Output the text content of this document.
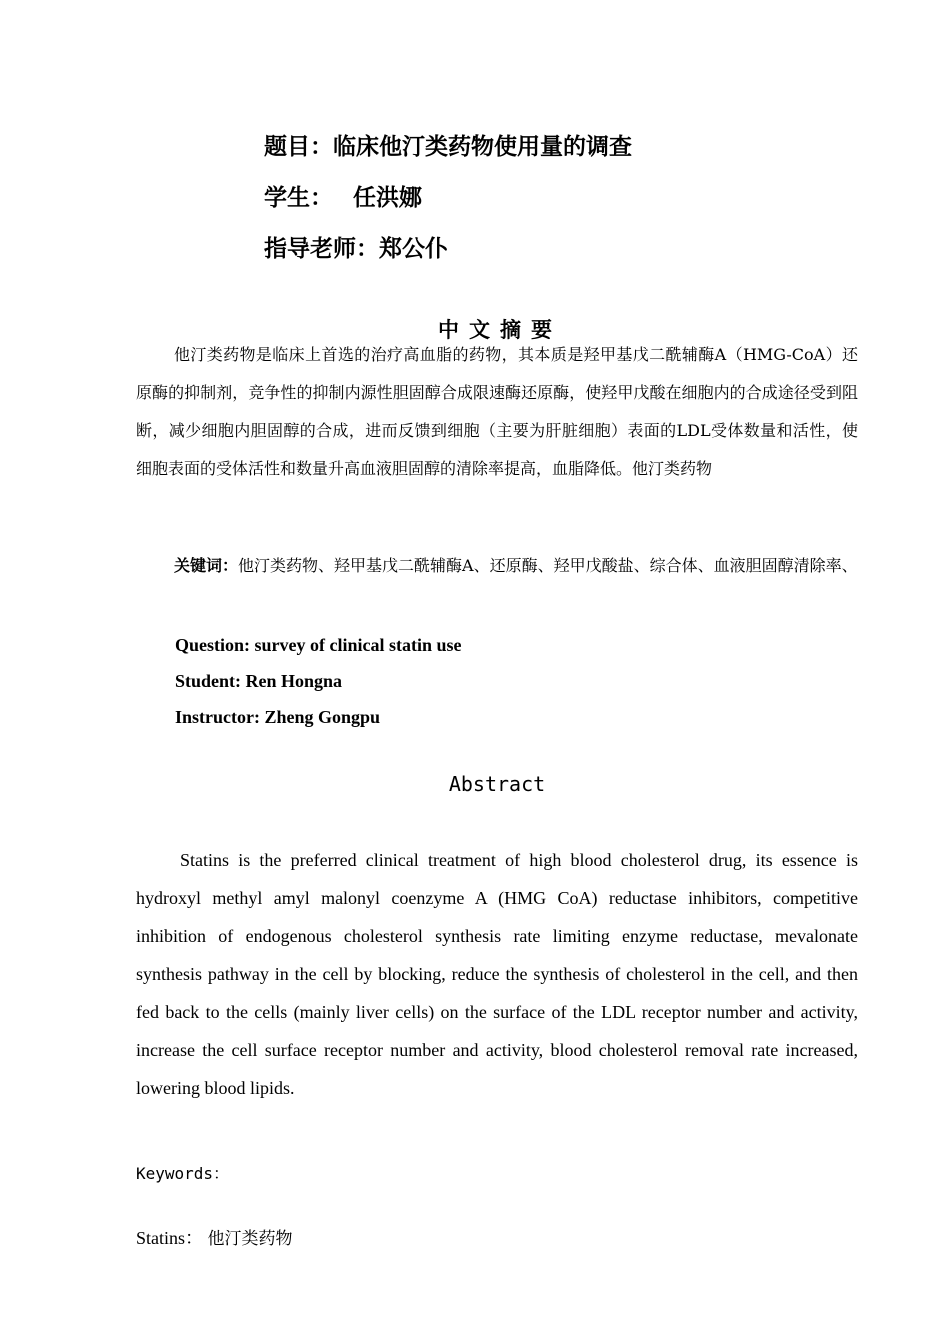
题目：临床他汀类药物使用量的调查
学生： 任洪娜
指导老师：郑公仆
中文摘要

他汀类药物是临床上首选的治疗高血脂的药物，其本质是羟甲基戊二酰辅酶A（HMG-CoA）还原酶的抑制剂，竞争性的抑制内源性胆固醇合成限速酶还原酶，使羟甲戊酸在细胞内的合成途径受到阻断，减少细胞内胆固醇的合成，进而反馈到细胞（主要为肝脏细胞）表面的LDL受体数量和活性，使细胞表面的受体活性和数量升高血液胆固醇的清除率提高，血脂降低。他汀类药物

关键词：他汀类药物、羟甲基戊二酰辅酶A、还原酶、羟甲戊酸盐、综合体、血液胆固醇清除率、
Question: survey of clinical statin use
Student: Ren Hongna
Instructor: Zheng Gongpu
Abstract

Statins is the preferred clinical treatment of high blood cholesterol drug, its essence is hydroxyl methyl amyl malonyl coenzyme A (HMG CoA) reductase inhibitors, competitive inhibition of endogenous cholesterol synthesis rate limiting enzyme reductase, mevalonate synthesis pathway in the cell by blocking, reduce the synthesis of cholesterol in the cell, and then fed back to the cells (mainly liver cells) on the surface of the LDL receptor number and activity, increase the cell surface receptor number and activity, blood cholesterol removal rate increased, lowering blood lipids.

Keywords：
Statins： 他汀类药物
